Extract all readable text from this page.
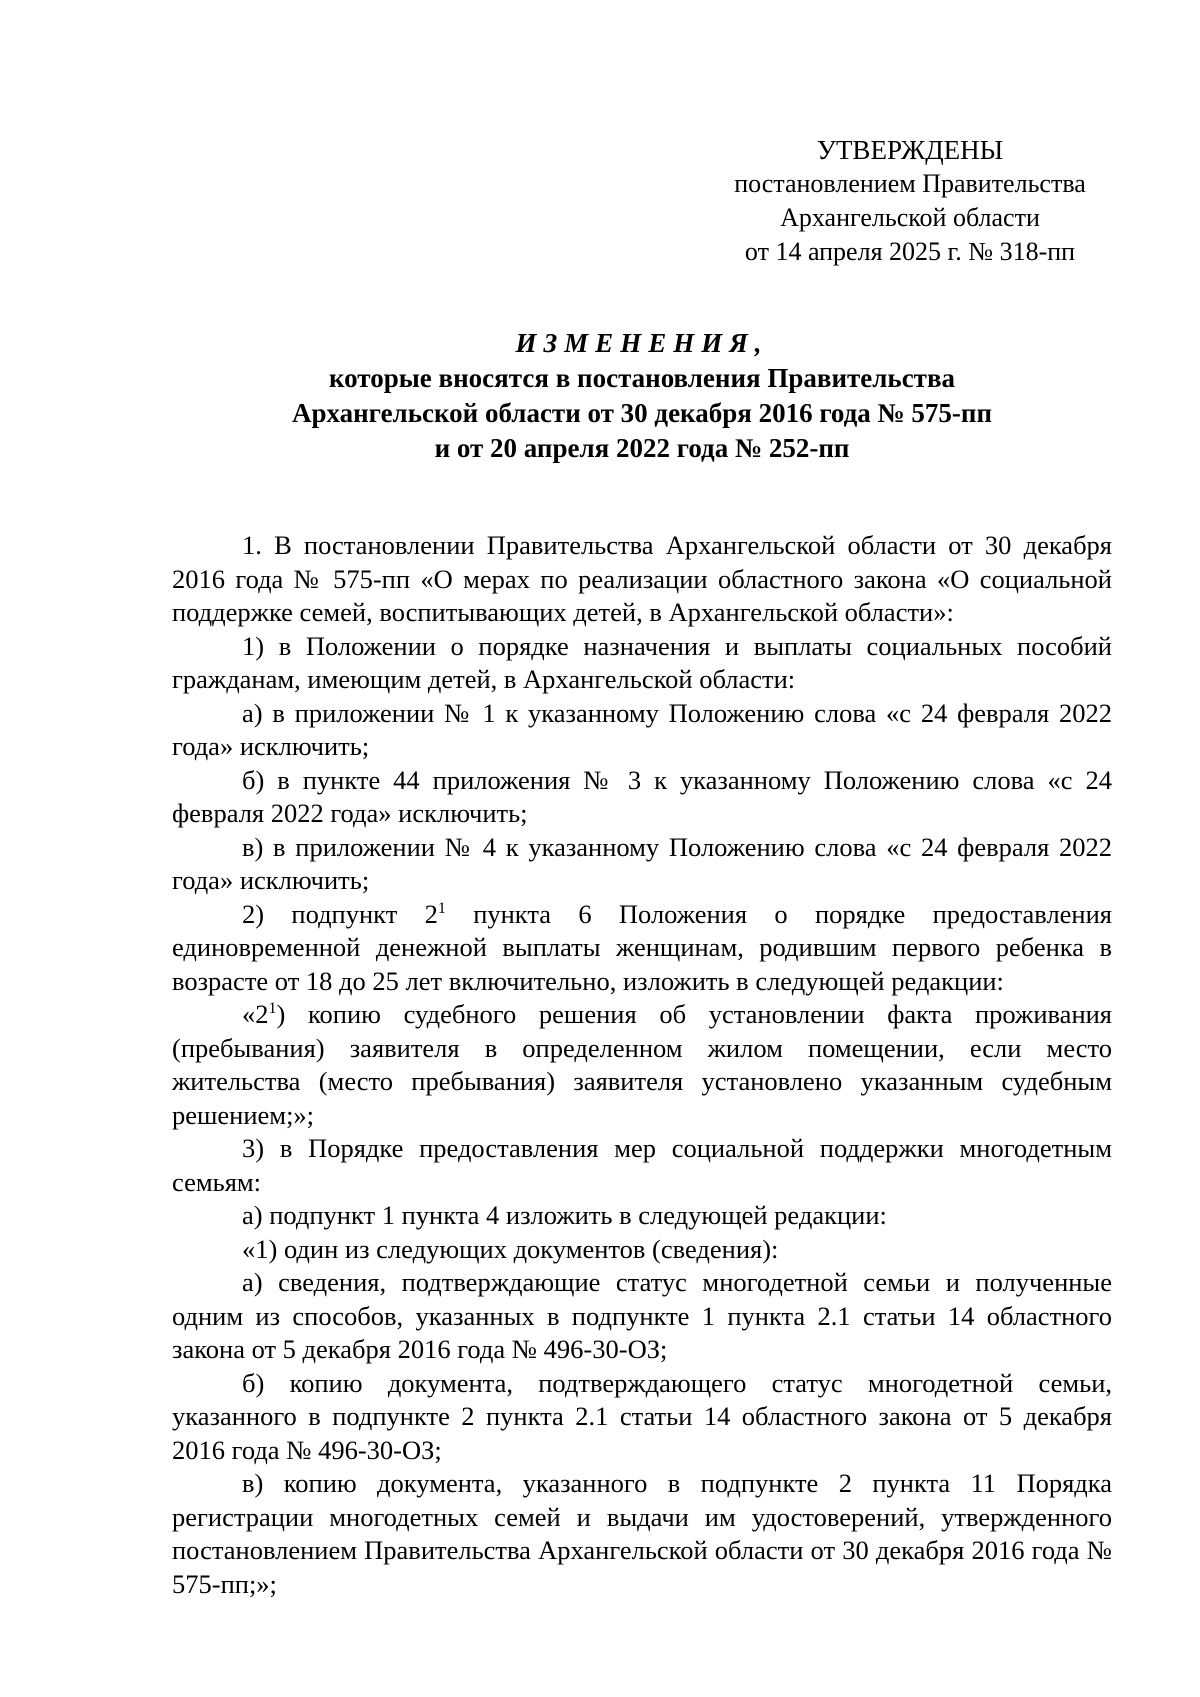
УТВЕРЖДЕНЫ
постановлением Правительства
Архангельской области
от 14 апреля 2025 г. № 318-пп
ИЗМЕНЕНИЯ,
которые вносятся в постановления Правительства
Архангельской области от 30 декабря 2016 года № 575-пп
и от 20 апреля 2022 года № 252-пп

1. В постановлении Правительства Архангельской области от 30 декабря 2016 года № 575-пп «О мерах по реализации областного закона «О социальной поддержке семей, воспитывающих детей, в Архангельской области»:

1) в Положении о порядке назначения и выплаты социальных пособий гражданам, имеющим детей, в Архангельской области:

а) в приложении № 1 к указанному Положению слова «с 24 февраля 2022 года» исключить;

б) в пункте 44 приложения № 3 к указанному Положению слова «с 24 февраля 2022 года» исключить;

в) в приложении № 4 к указанному Положению слова «с 24 февраля 2022 года» исключить;

2) подпункт $2^1$ пункта 6 Положения о порядке предоставления единовременной денежной выплаты женщинам, родившим первого ребенка в возрасте от 18 до 25 лет включительно, изложить в следующей редакции:

«$2^1$) копию судебного решения об установлении факта проживания (пребывания) заявителя в определенном жилом помещении, если место жительства (место пребывания) заявителя установлено указанным судебным решением;»;

3) в Порядке предоставления мер социальной поддержки многодетным семьям:

а) подпункт 1 пункта 4 изложить в следующей редакции:

«1) один из следующих документов (сведения):

а) сведения, подтверждающие статус многодетной семьи и полученные одним из способов, указанных в подпункте 1 пункта 2.1 статьи 14 областного закона от 5 декабря 2016 года № 496-30-ОЗ;

б) копию документа, подтверждающего статус многодетной семьи, указанного в подпункте 2 пункта 2.1 статьи 14 областного закона от 5 декабря 2016 года № 496-30-ОЗ;

в) копию документа, указанного в подпункте 2 пункта 11 Порядка регистрации многодетных семей и выдачи им удостоверений, утвержденного постановлением Правительства Архангельской области от 30 декабря 2016 года № 575-пп;»;
